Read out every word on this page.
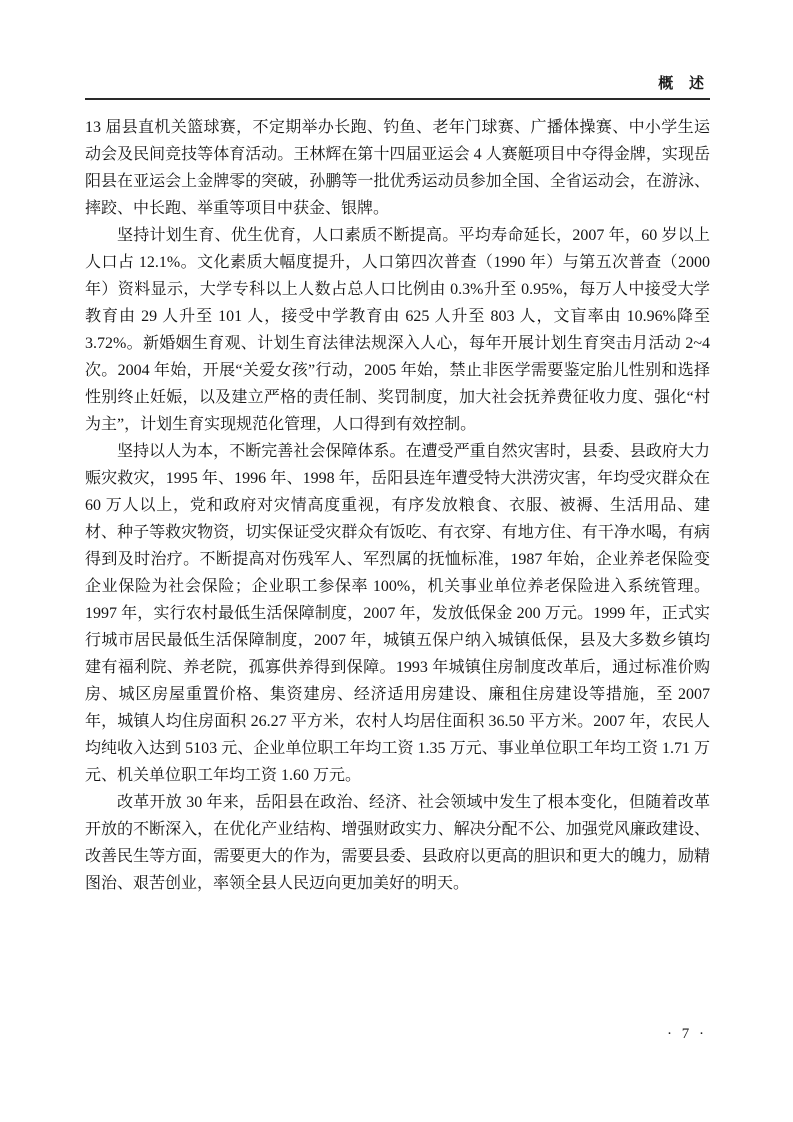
概 述

13 届县直机关篮球赛，不定期举办长跑、钓鱼、老年门球赛、广播体操赛、中小学生运动会及民间竞技等体育活动。王林辉在第十四届亚运会 4 人赛艇项目中夺得金牌，实现岳阳县在亚运会上金牌零的突破，孙鹏等一批优秀运动员参加全国、全省运动会，在游泳、摔跤、中长跑、举重等项目中获金、银牌。

坚持计划生育、优生优育，人口素质不断提高。平均寿命延长，2007 年，60 岁以上人口占 12.1%。文化素质大幅度提升，人口第四次普查（1990 年）与第五次普查（2000 年）资料显示，大学专科以上人数占总人口比例由 0.3%升至 0.95%，每万人中接受大学教育由 29 人升至 101 人，接受中学教育由 625 人升至 803 人，文盲率由 10.96%降至 3.72%。新婚姻生育观、计划生育法律法规深入人心，每年开展计划生育突击月活动 2~4 次。2004 年始，开展“关爱女孩”行动，2005 年始，禁止非医学需要鉴定胎儿性别和选择性别终止妊娠，以及建立严格的责任制、奖罚制度，加大社会抚养费征收力度、强化“村为主”，计划生育实现规范化管理，人口得到有效控制。

坚持以人为本，不断完善社会保障体系。在遭受严重自然灾害时，县委、县政府大力赈灾救灾，1995 年、1996 年、1998 年，岳阳县连年遭受特大洪涝灾害，年均受灾群众在 60 万人以上，党和政府对灾情高度重视，有序发放粮食、衣服、被褥、生活用品、建材、种子等救灾物资，切实保证受灾群众有饭吃、有衣穿、有地方住、有干净水喝，有病得到及时治疗。不断提高对伤残军人、军烈属的抚恤标准，1987 年始，企业养老保险变企业保险为社会保险；企业职工参保率 100%，机关事业单位养老保险进入系统管理。1997 年，实行农村最低生活保障制度，2007 年，发放低保金 200 万元。1999 年，正式实行城市居民最低生活保障制度，2007 年，城镇五保户纳入城镇低保，县及大多数乡镇均建有福利院、养老院，孤寡供养得到保障。1993 年城镇住房制度改革后，通过标准价购房、城区房屋重置价格、集资建房、经济适用房建设、廉租住房建设等措施，至 2007 年，城镇人均住房面积 26.27 平方米，农村人均居住面积 36.50 平方米。2007 年，农民人均纯收入达到 5103 元、企业单位职工年均工资 1.35 万元、事业单位职工年均工资 1.71 万元、机关单位职工年均工资 1.60 万元。

改革开放 30 年来，岳阳县在政治、经济、社会领域中发生了根本变化，但随着改革开放的不断深入，在优化产业结构、增强财政实力、解决分配不公、加强党风廉政建设、改善民生等方面，需要更大的作为，需要县委、县政府以更高的胆识和更大的魄力，励精图治、艰苦创业，率领全县人民迈向更加美好的明天。

· 7 ·
